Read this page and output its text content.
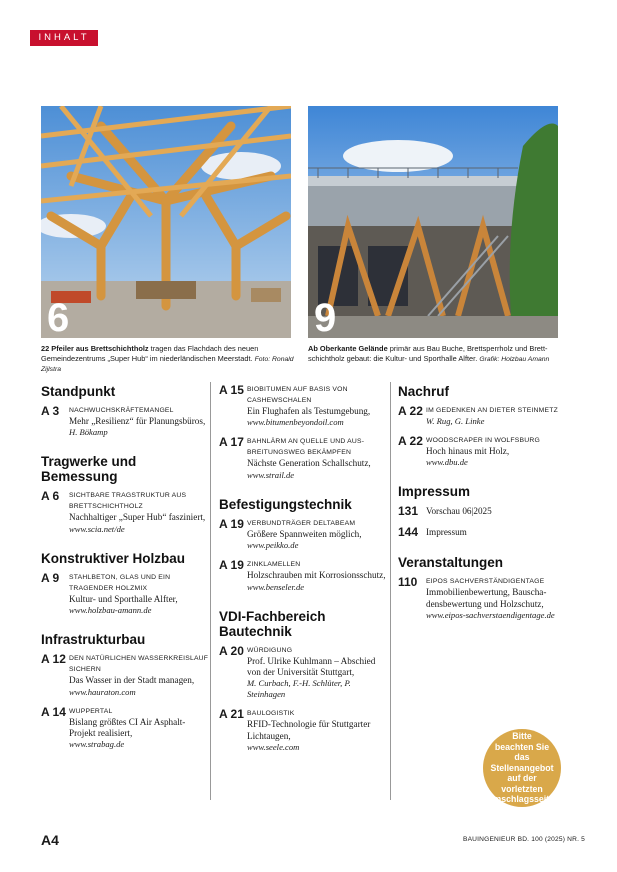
INHALT
6	9
22 Pfeiler aus Brettschichtholz tragen das Flachdach des neuen Gemeindezentrums „Super Hub“ im niederländischen Meerstadt. Foto: Ronald Zijlstra
Ab Oberkante Gelände primär aus Bau Buche, Brettsperrholz und Brettschichtholz gebaut: die Kultur- und Sporthalle Alfter. Grafik: Holzbau Amann
Standpunkt
A 3 NACHWUCHSKRÄFTEMANGEL
Mehr „Resilienz“ für Planungsbüros,
H. Bökamp
Tragwerke und Bemessung
A 6 SICHTBARE TRAGSTRUKTUR AUS BRETTSCHICHTHOLZ
Nachhaltiger „Super Hub“ fasziniert,
www.scia.net/de
Konstruktiver Holzbau
A 9 STAHLBETON, GLAS UND EIN TRAGENDER HOLZMIX
Kultur- und Sporthalle Alfter,
www.holzbau-amann.de
Infrastrukturbau
A 12 DEN NATÜRLICHEN WASSERKREISLAUF SICHERN
Das Wasser in der Stadt managen,
www.hauraton.com
A 14 WUPPERTAL
Bislang größtes CI Air Asphalt-Projekt realisiert,
www.strabag.de
A 15 BIOBITUMEN AUF BASIS VON CASHEWSCHALEN
Ein Flughafen als Testumgebung,
www.bitumenbeyondoil.com
A 17 BAHNLÄRM AN QUELLE UND AUSBREITUNGSWEG BEKÄMPFEN
Nächste Generation Schallschutz,
www.strail.de
Befestigungstechnik
A 19 VERBUNDTRÄGER DELTABEAM
Größere Spannweiten möglich,
www.peikko.de
A 19 ZINKLAMELLEN
Holzschrauben mit Korrosionsschutz,
www.benseler.de
VDI-Fachbereich Bautechnik
A 20 WÜRDIGUNG
Prof. Ulrike Kuhlmann – Abschied von der Universität Stuttgart,
M. Curbach, F.-H. Schlüter, P. Steinhagen
A 21 BAULOGISTIK
RFID-Technologie für Stuttgarter Lichtaugen,
www.seele.com
Nachruf
A 22 IM GEDENKEN AN DIETER STEINMETZ
W. Rug, G. Linke
A 22 WOODSCRAPER IN WOLFSBURG
Hoch hinaus mit Holz,
www.dbu.de
Impressum
131 Vorschau 06|2025
144 Impressum
Veranstaltungen
110 EIPOS SACHVERSTÄNDIGENTAGE
Immobilienbewertung, Bauschadensbewertung und Holzschutz,
www.eipos-sachverstaendigentage.de
Bitte
beachten Sie das
Stellenangebot
auf der vorletzten
Umschlagsseite!
A4	BAUINGENIEUR BD. 100 (2025) NR. 5
